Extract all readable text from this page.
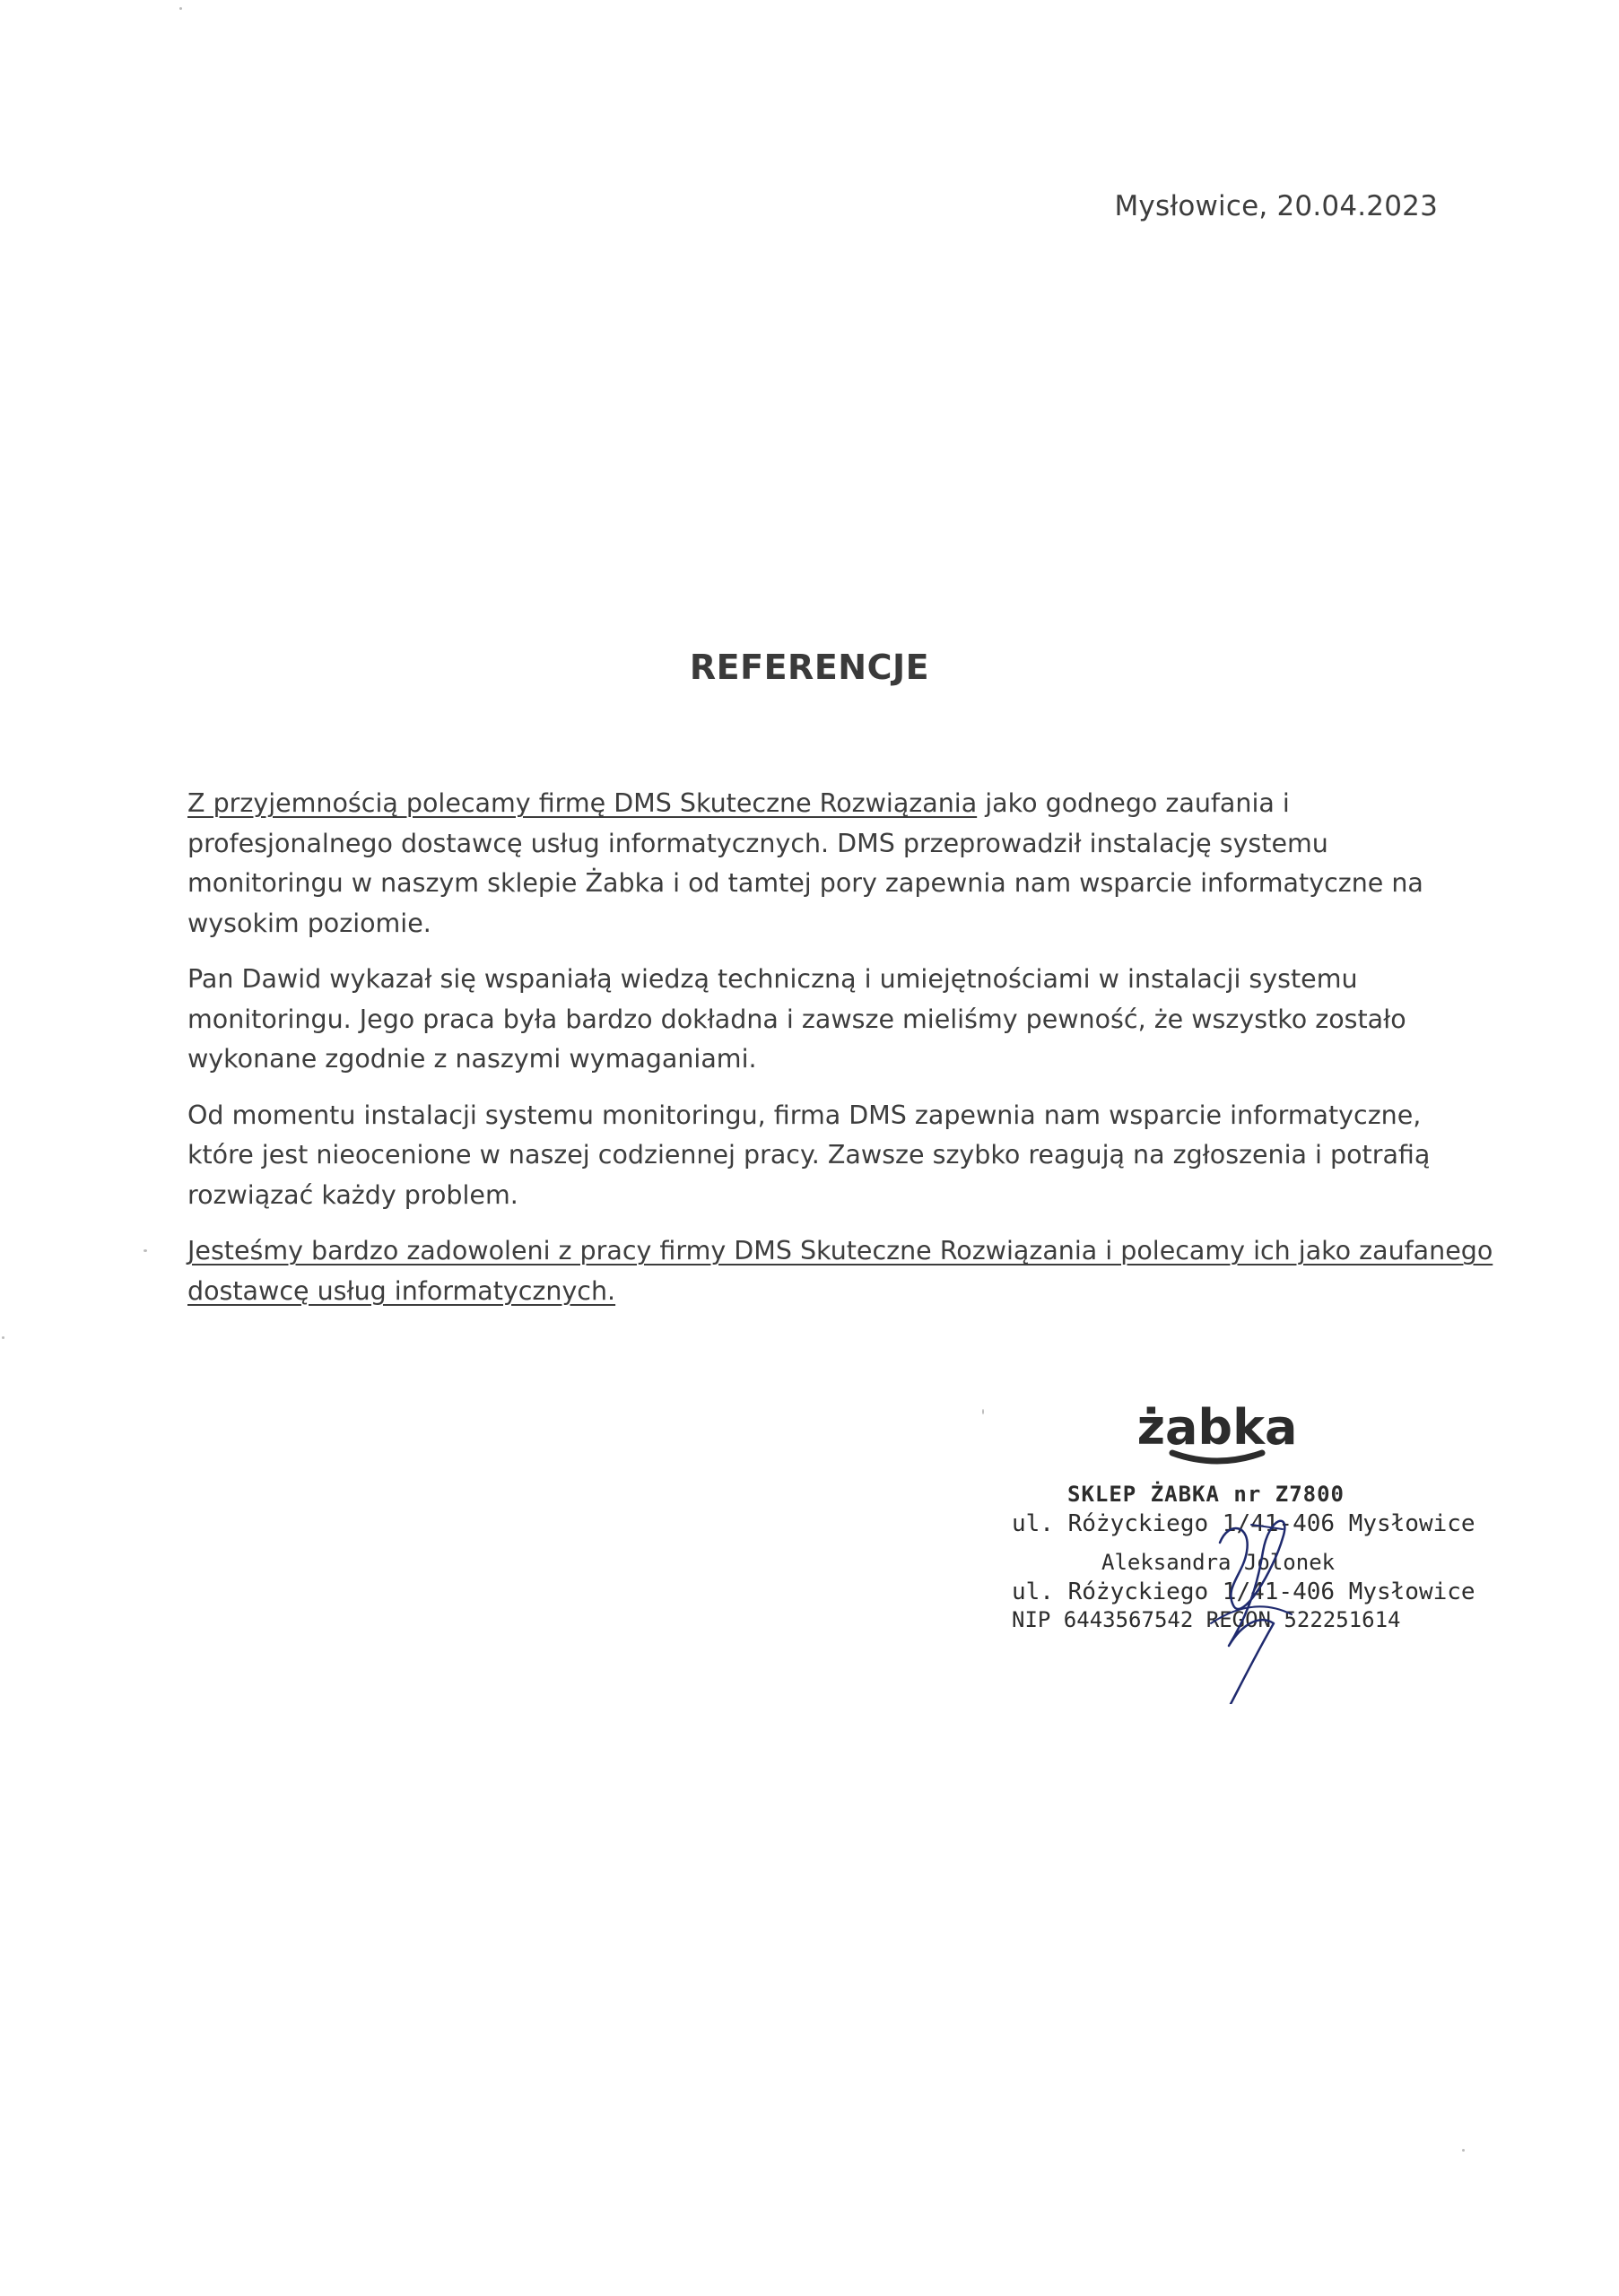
Mysłowice, 20.04.2023
REFERENCJE

Z przyjemnością polecamy firmę DMS Skuteczne Rozwiązania jako godnego zaufania i
profesjonalnego dostawcę usług informatycznych. DMS przeprowadził instalację systemu
monitoringu w naszym sklepie Żabka i od tamtej pory zapewnia nam wsparcie informatyczne na
wysokim poziomie.

Pan Dawid wykazał się wspaniałą wiedzą techniczną i umiejętnościami w instalacji systemu
monitoringu. Jego praca była bardzo dokładna i zawsze mieliśmy pewność, że wszystko zostało
wykonane zgodnie z naszymi wymaganiami.

Od momentu instalacji systemu monitoringu, firma DMS zapewnia nam wsparcie informatyczne,
które jest nieocenione w naszej codziennej pracy. Zawsze szybko reagują na zgłoszenia i potrafią
rozwiązać każdy problem.

Jesteśmy bardzo zadowoleni z pracy firmy DMS Skuteczne Rozwiązania i polecamy ich jako zaufanego
dostawcę usług informatycznych.

żabka
SKLEP ŻABKA nr Z7800
ul. Różyckiego 1/41-406 Mysłowice
Aleksandra Jolonek
ul. Różyckiego 1/41-406 Mysłowice
NIP 6443567542 REGON 522251614
